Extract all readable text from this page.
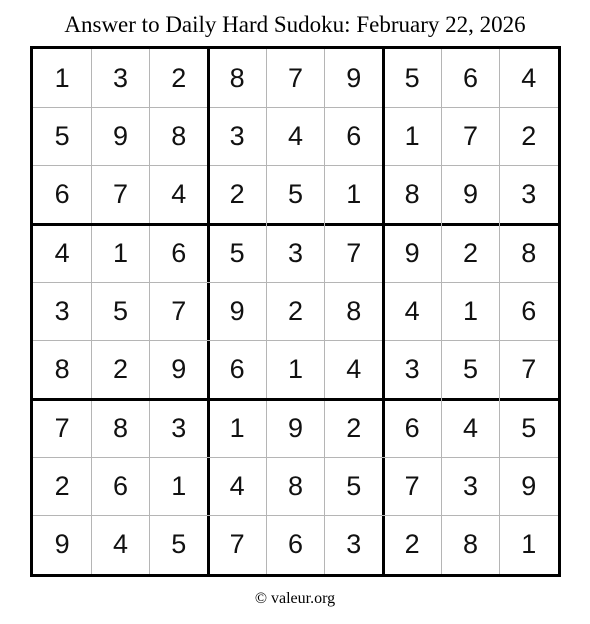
Answer to Daily Hard Sudoku: February 22, 2026
1	3	2	8	7	9	5	6	4
5	9	8	3	4	6	1	7	2
6	7	4	2	5	1	8	9	3
4	1	6	5	3	7	9	2	8
3	5	7	9	2	8	4	1	6
8	2	9	6	1	4	3	5	7
7	8	3	1	9	2	6	4	5
2	6	1	4	8	5	7	3	9
9	4	5	7	6	3	2	8	1
© valeur.org
